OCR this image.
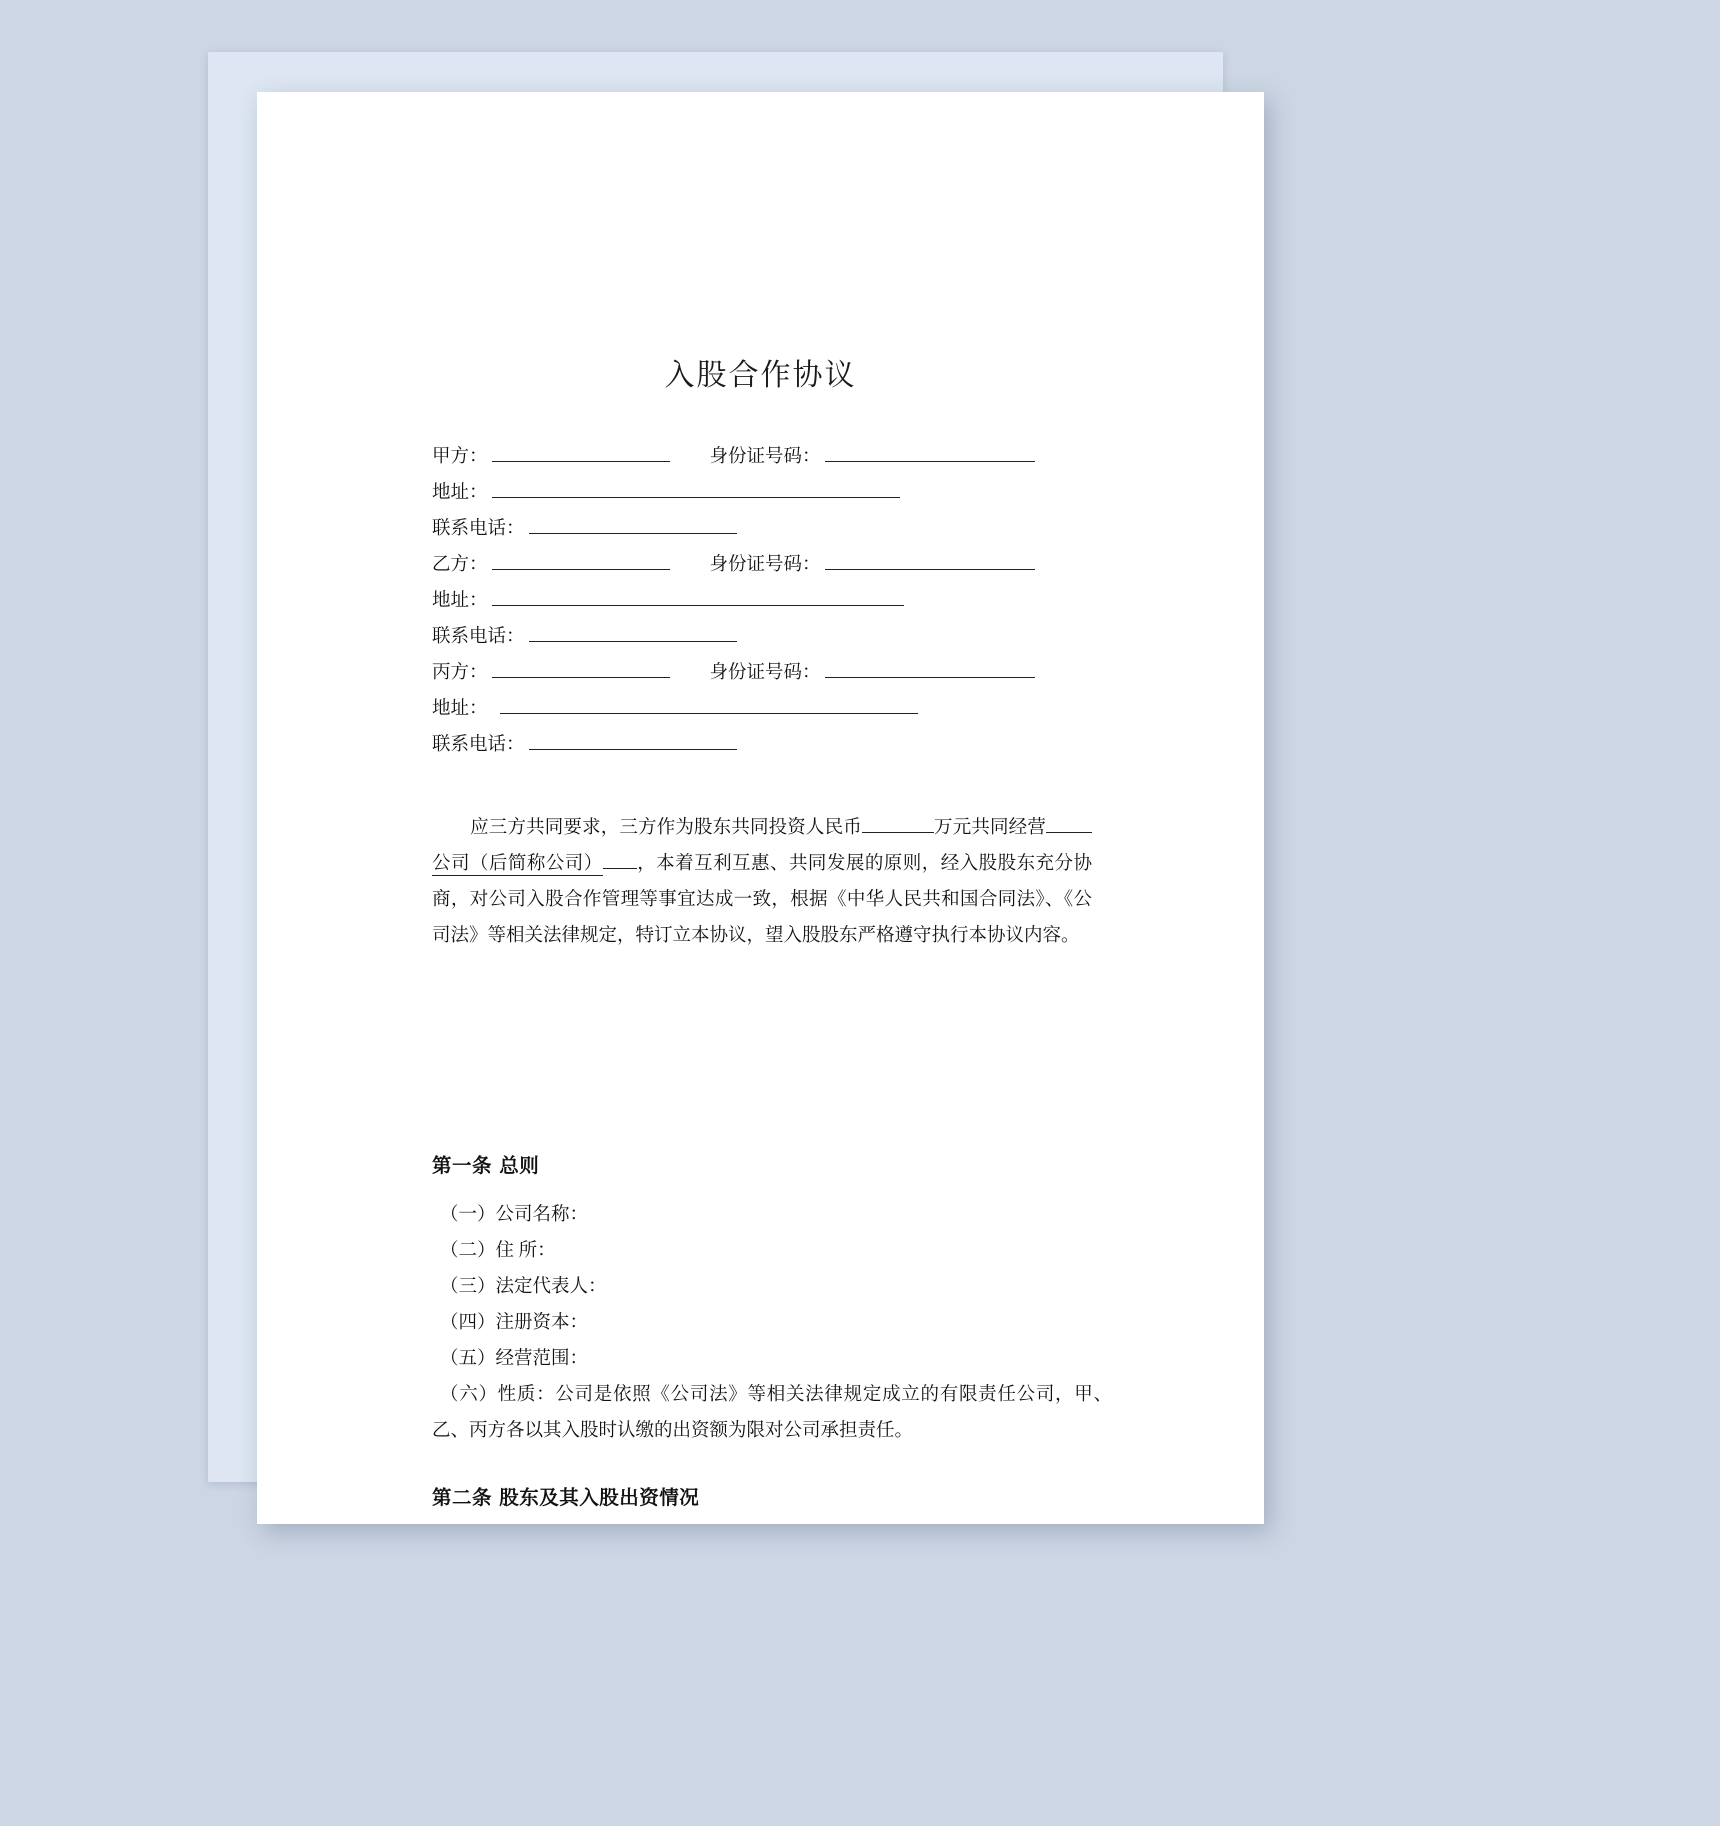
入股合作协议
甲方：	身份证号码：
地址：
联系电话：
乙方：	身份证号码：
地址：
联系电话：
丙方：	身份证号码：
地址：
联系电话：
应三方共同要求，三方作为股东共同投资人民币	万元共同经营公司（后简称公司） ，本着互利互惠、共同发展的原则，经入股股东充分协商，对公司入股合作管理等事宜达成一致，根据《中华人民共和国合同法》、《公司法》等相关法律规定，特订立本协议，望入股股东严格遵守执行本协议内容。
第一条 总则
（一）公司名称：
（二）住 所：
（三）法定代表人：
（四）注册资本：
（五）经营范围：
（六）性质：公司是依照《公司法》等相关法律规定成立的有限责任公司，甲、乙、丙方各以其入股时认缴的出资额为限对公司承担责任。
第二条 股东及其入股出资情况
